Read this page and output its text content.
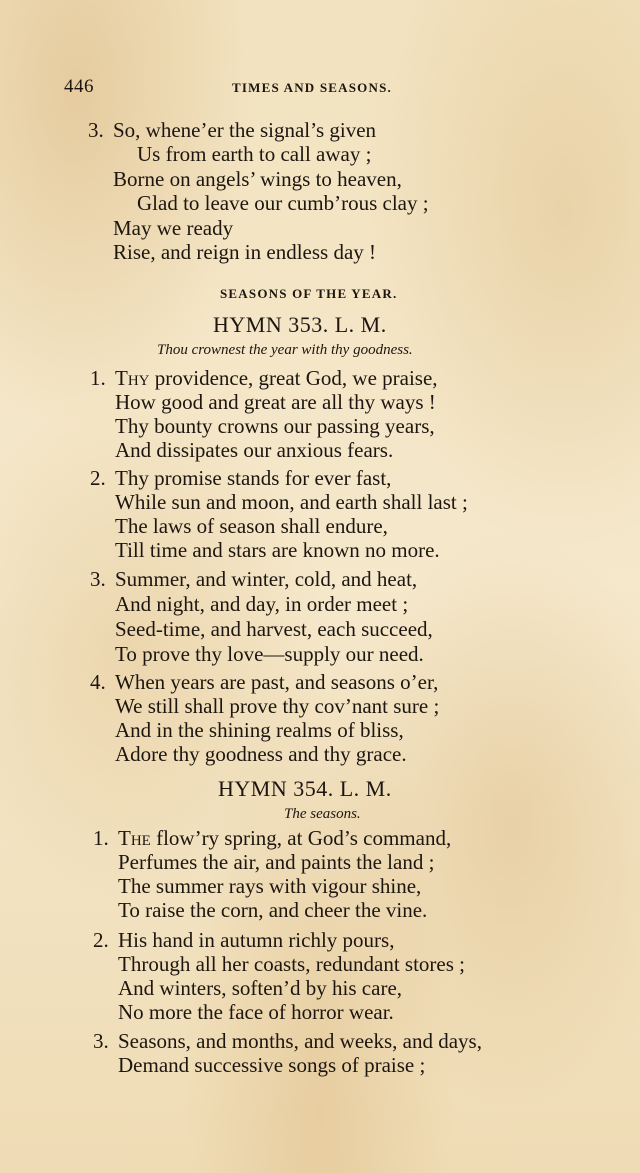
446	TIMES AND SEASONS.
3. So, whene’er the signal’s given
Us from earth to call away ;
Borne on angels’ wings to heaven,
Glad to leave our cumb’rous clay ;
May we ready
Rise, and reign in endless day !
SEASONS OF THE YEAR.
HYMN 353. L. M.
Thou crownest the year with thy goodness.
1. Thy providence, great God, we praise,
How good and great are all thy ways !
Thy bounty crowns our passing years,
And dissipates our anxious fears.
2. Thy promise stands for ever fast,
While sun and moon, and earth shall last ;
The laws of season shall endure,
Till time and stars are known no more.
3. Summer, and winter, cold, and heat,
And night, and day, in order meet ;
Seed-time, and harvest, each succeed,
To prove thy love—supply our need.
4. When years are past, and seasons o’er,
We still shall prove thy cov’nant sure ;
And in the shining realms of bliss,
Adore thy goodness and thy grace.
HYMN 354. L. M.
The seasons.
1. The flow’ry spring, at God’s command,
Perfumes the air, and paints the land ;
The summer rays with vigour shine,
To raise the corn, and cheer the vine.
2. His hand in autumn richly pours,
Through all her coasts, redundant stores ;
And winters, soften’d by his care,
No more the face of horror wear.
3. Seasons, and months, and weeks, and days,
Demand successive songs of praise ;
